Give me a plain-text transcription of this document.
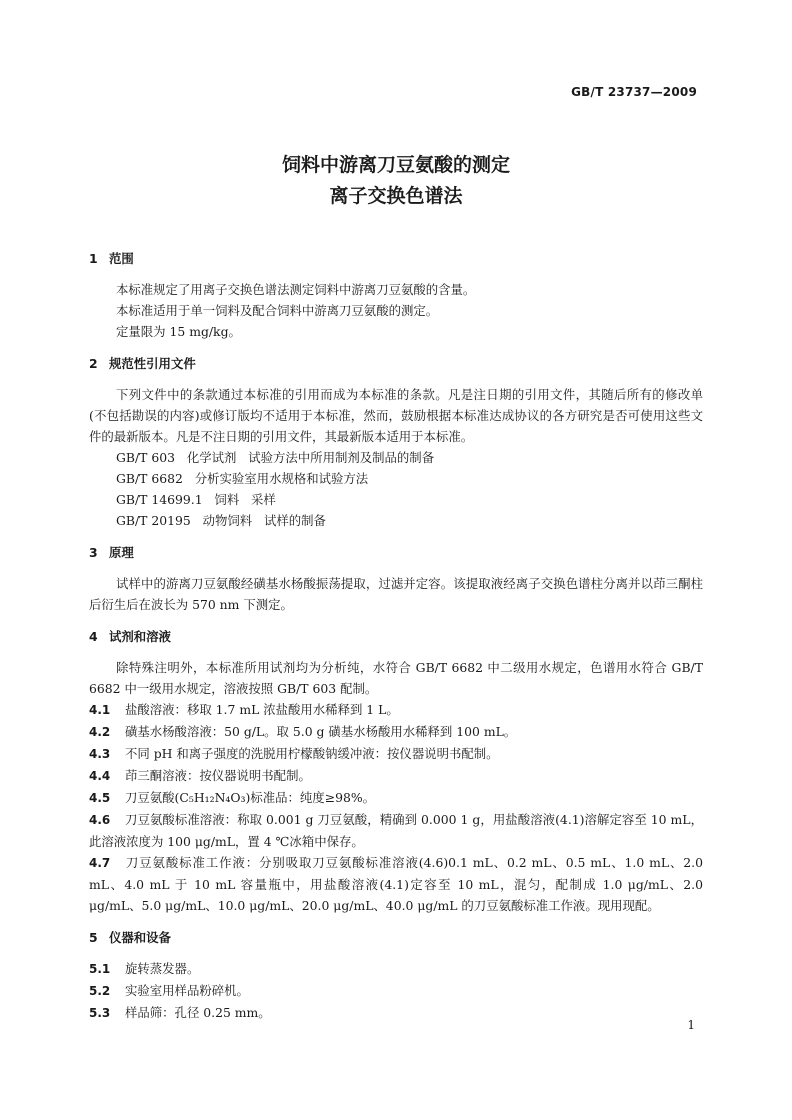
GB/T 23737—2009
饲料中游离刀豆氨酸的测定
离子交换色谱法
1 范围
本标准规定了用离子交换色谱法测定饲料中游离刀豆氨酸的含量。
本标准适用于单一饲料及配合饲料中游离刀豆氨酸的测定。
定量限为 15 mg/kg。
2 规范性引用文件
下列文件中的条款通过本标准的引用而成为本标准的条款。凡是注日期的引用文件，其随后所有的修改单(不包括勘误的内容)或修订版均不适用于本标准，然而，鼓励根据本标准达成协议的各方研究是否可使用这些文件的最新版本。凡是不注日期的引用文件，其最新版本适用于本标准。
GB/T 603   化学试剂   试验方法中所用制剂及制品的制备
GB/T 6682   分析实验室用水规格和试验方法
GB/T 14699.1   饲料   采样
GB/T 20195   动物饲料   试样的制备
3 原理
试样中的游离刀豆氨酸经磺基水杨酸振荡提取，过滤并定容。该提取液经离子交换色谱柱分离并以茚三酮柱后衍生后在波长为 570 nm 下测定。
4 试剂和溶液
除特殊注明外，本标准所用试剂均为分析纯，水符合 GB/T 6682 中二级用水规定，色谱用水符合 GB/T 6682 中一级用水规定，溶液按照 GB/T 603 配制。
4.1 盐酸溶液：移取 1.7 mL 浓盐酸用水稀释到 1 L。
4.2 磺基水杨酸溶液：50 g/L。取 5.0 g 磺基水杨酸用水稀释到 100 mL。
4.3 不同 pH 和离子强度的洗脱用柠檬酸钠缓冲液：按仪器说明书配制。
4.4 茚三酮溶液：按仪器说明书配制。
4.5 刀豆氨酸(C₅H₁₂N₄O₃)标准品：纯度≥98%。
4.6 刀豆氨酸标准溶液：称取 0.001 g 刀豆氨酸，精确到 0.000 1 g，用盐酸溶液(4.1)溶解定容至 10 mL，此溶液浓度为 100 μg/mL，置 4 ℃冰箱中保存。
4.7 刀豆氨酸标准工作液：分别吸取刀豆氨酸标准溶液(4.6)0.1 mL、0.2 mL、0.5 mL、1.0 mL、2.0 mL、4.0 mL 于 10 mL 容量瓶中，用盐酸溶液(4.1)定容至 10 mL，混匀，配制成 1.0 μg/mL、2.0 μg/mL、5.0 μg/mL、10.0 μg/mL、20.0 μg/mL、40.0 μg/mL 的刀豆氨酸标准工作液。现用现配。
5 仪器和设备
5.1 旋转蒸发器。
5.2 实验室用样品粉碎机。
5.3 样品筛：孔径 0.25 mm。
1
